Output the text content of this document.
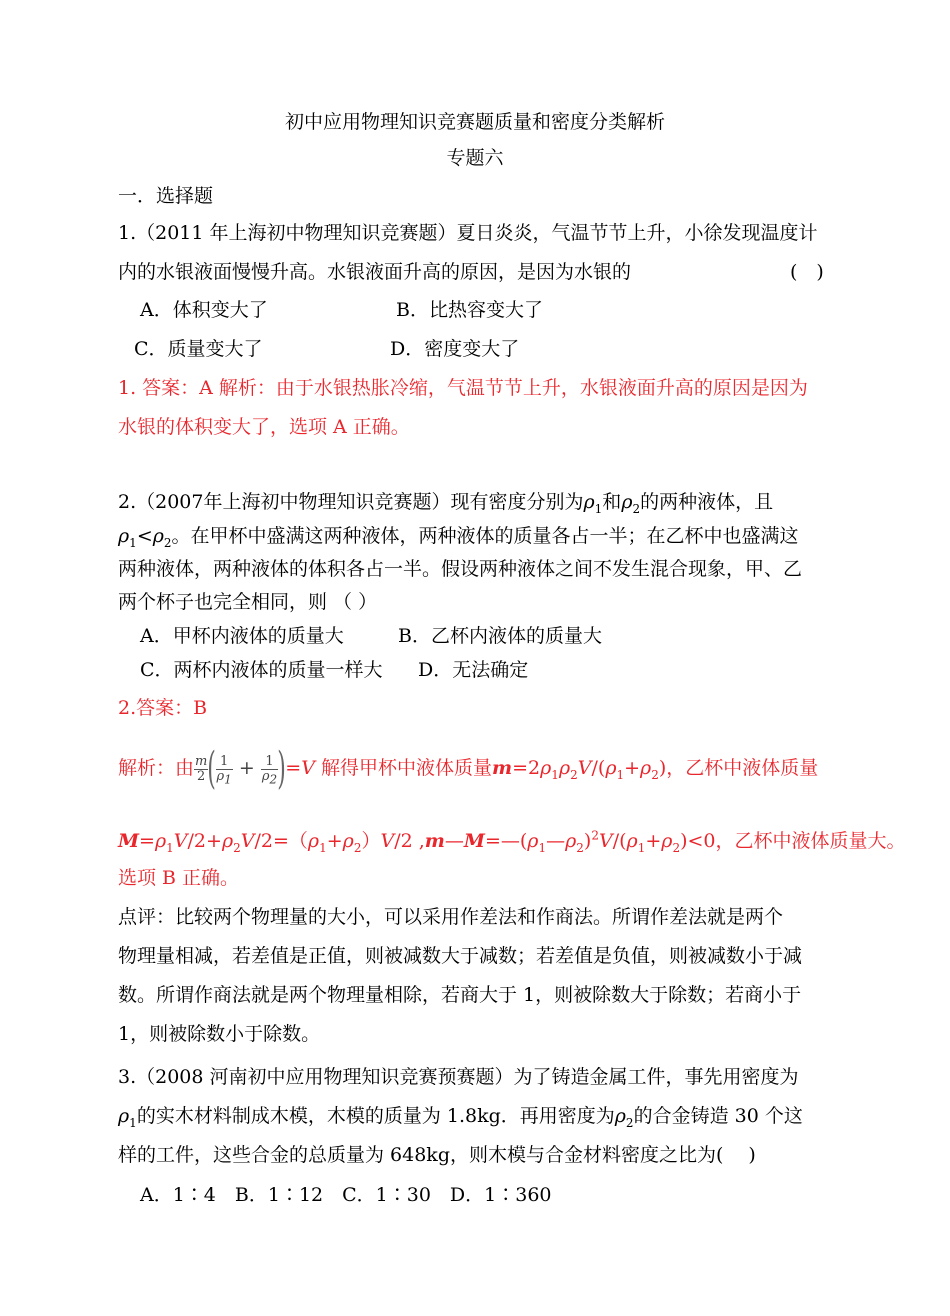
初中应用物理知识竞赛题质量和密度分类解析
专题六
一．选择题
1.（2011 年上海初中物理知识竞赛题）夏日炎炎，气温节节上升，小徐发现温度计
内的水银液面慢慢升高。水银液面升高的原因，是因为水银的	(　)
A．体积变大了	B．比热容变大了
C．质量变大了	D．密度变大了
1. 答案：A 解析：由于水银热胀冷缩，气温节节上升，水银液面升高的原因是因为
水银的体积变大了，选项 A 正确。
2.（2007年上海初中物理知识竞赛题）现有密度分别为$\rho_1$和$\rho_2$的两种液体，且
$\rho_1<\rho_2$。在甲杯中盛满这两种液体，两种液体的质量各占一半；在乙杯中也盛满这
两种液体，两种液体的体积各占一半。假设两种液体之间不发生混合现象，甲、乙
两个杯子也完全相同，则 （ ）
A．甲杯内液体的质量大	B．乙杯内液体的质量大
C．两杯内液体的质量一样大 D．无法确定
2.答案：B
解析：由 $\frac{m}{2}$ ( $\frac{1}{\rho_1} + \frac{1}{\rho_2} )=V$ 解得甲杯中液体质量$m=2\rho_1\rho_2V/(\rho_1+\rho_2)$，乙杯中液体质量
$M=\rho_1V/2+\rho_2V/2=(\rho_1+\rho_2)V/2$ $,m—M=—(\rho_1—\rho_2)^2V/(\rho_1+\rho_2)<0$，乙杯中液体质量大。
选项 B 正确。
点评：比较两个物理量的大小，可以采用作差法和作商法。所谓作差法就是两个
物理量相减，若差值是正值，则被减数大于减数；若差值是负值，则被减数小于减
数。所谓作商法就是两个物理量相除，若商大于 1，则被除数大于除数；若商小于
1，则被除数小于除数。
3.（2008 河南初中应用物理知识竞赛预赛题）为了铸造金属工件，事先用密度为
$\rho_1$的实木材料制成木模，木模的质量为 1.8kg．再用密度为$\rho_2$的合金铸造 30 个这
样的工件，这些合金的总质量为 648kg，则木模与合金材料密度之比为(　 )
A．1∶4　B．1∶12　C．1∶30　D．1∶360
